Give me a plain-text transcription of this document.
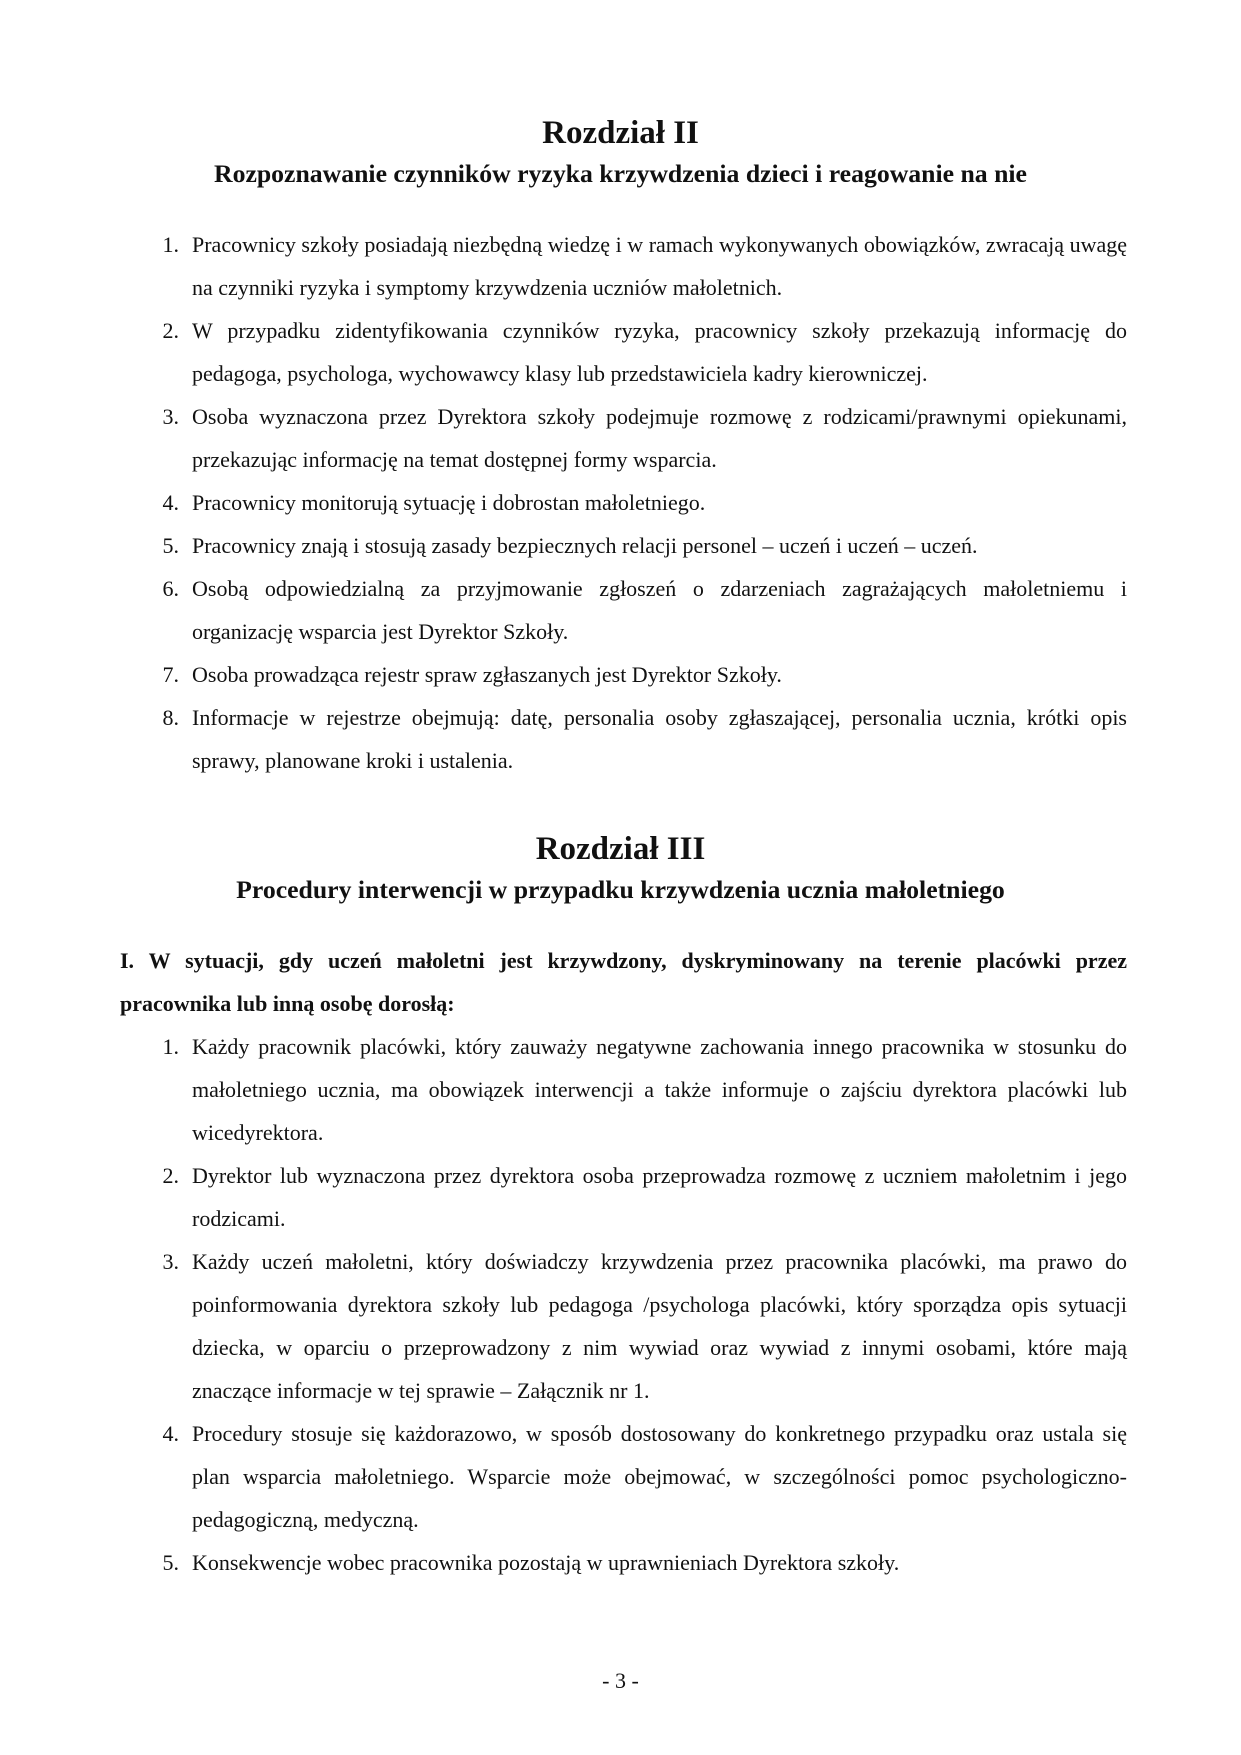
Rozdział II
Rozpoznawanie czynników ryzyka krzywdzenia dzieci i reagowanie na nie
1. Pracownicy szkoły posiadają niezbędną wiedzę i w ramach wykonywanych obowiązków, zwracają uwagę na czynniki ryzyka i symptomy krzywdzenia uczniów małoletnich.
2. W przypadku zidentyfikowania czynników ryzyka, pracownicy szkoły przekazują informację do pedagoga, psychologa, wychowawcy klasy lub przedstawiciela kadry kierowniczej.
3. Osoba wyznaczona przez Dyrektora szkoły podejmuje rozmowę z rodzicami/prawnymi opiekunami, przekazując informację na temat dostępnej formy wsparcia.
4. Pracownicy monitorują sytuację i dobrostan małoletniego.
5. Pracownicy znają i stosują zasady bezpiecznych relacji personel – uczeń i uczeń – uczeń.
6. Osobą odpowiedzialną za przyjmowanie zgłoszeń o zdarzeniach zagrażających małoletniemu i organizację wsparcia jest Dyrektor Szkoły.
7. Osoba prowadząca rejestr spraw zgłaszanych jest Dyrektor Szkoły.
8. Informacje w rejestrze obejmują: datę, personalia osoby zgłaszającej, personalia ucznia, krótki opis sprawy, planowane kroki i ustalenia.
Rozdział III
Procedury interwencji w przypadku krzywdzenia ucznia małoletniego

I. W sytuacji, gdy uczeń małoletni jest krzywdzony, dyskryminowany na terenie placówki przez pracownika lub inną osobę dorosłą:

1. Każdy pracownik placówki, który zauważy negatywne zachowania innego pracownika w stosunku do małoletniego ucznia, ma obowiązek interwencji a także informuje o zajściu dyrektora placówki lub wicedyrektora.
2. Dyrektor lub wyznaczona przez dyrektora osoba przeprowadza rozmowę z uczniem małoletnim i jego rodzicami.
3. Każdy uczeń małoletni, który doświadczy krzywdzenia przez pracownika placówki, ma prawo do poinformowania dyrektora szkoły lub pedagoga /psychologa placówki, który sporządza opis sytuacji dziecka, w oparciu o przeprowadzony z nim wywiad oraz wywiad z innymi osobami, które mają znaczące informacje w tej sprawie – Załącznik nr 1.
4. Procedury stosuje się każdorazowo, w sposób dostosowany do konkretnego przypadku oraz ustala się plan wsparcia małoletniego. Wsparcie może obejmować, w szczególności pomoc psychologiczno-pedagogiczną, medyczną.
5. Konsekwencje wobec pracownika pozostają w uprawnieniach Dyrektora szkoły.
- 3 -
